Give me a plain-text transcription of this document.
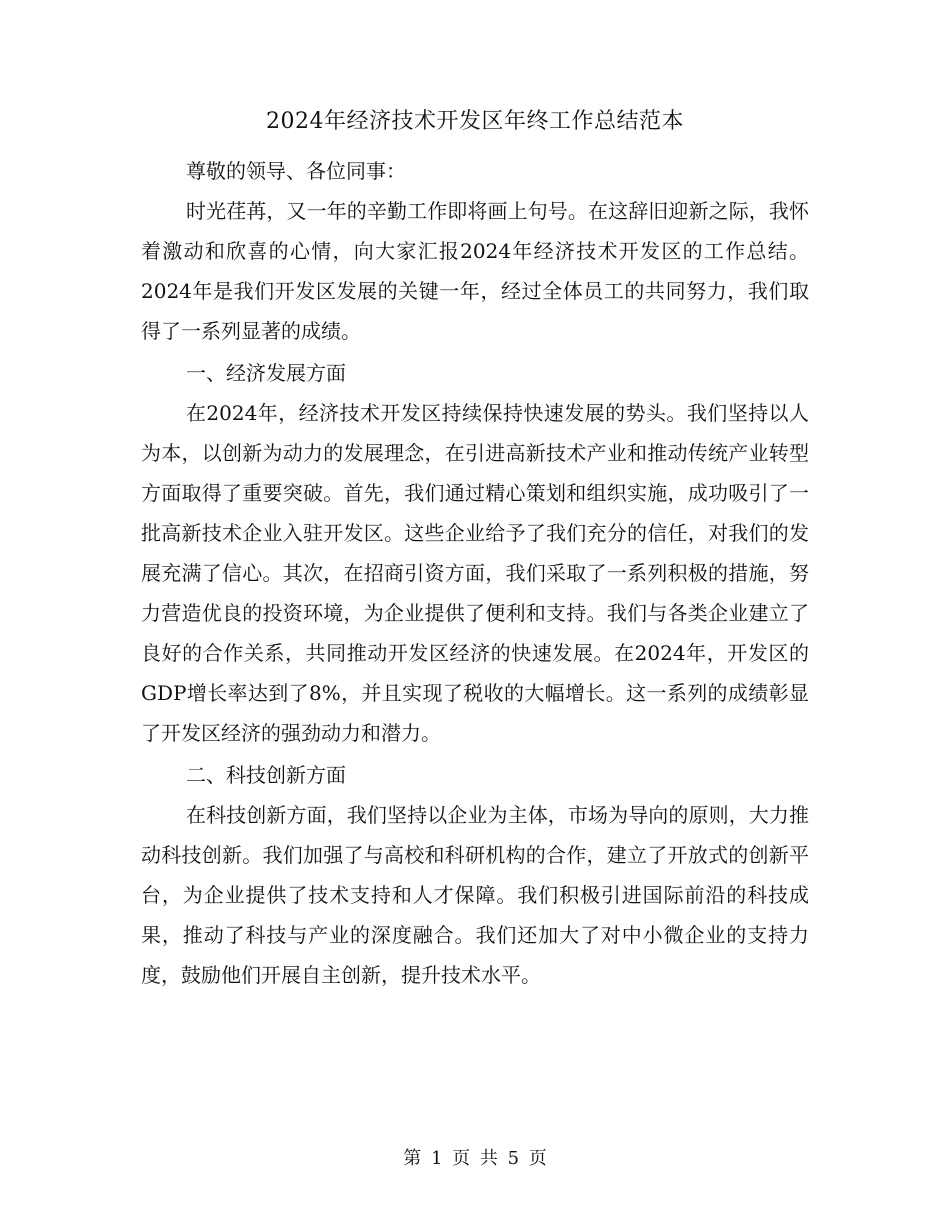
2024年经济技术开发区年终工作总结范本

尊敬的领导、各位同事：

时光荏苒，又一年的辛勤工作即将画上句号。在这辞旧迎新之际，我怀着激动和欣喜的心情，向大家汇报2024年经济技术开发区的工作总结。2024年是我们开发区发展的关键一年，经过全体员工的共同努力，我们取得了一系列显著的成绩。

一、经济发展方面

在2024年，经济技术开发区持续保持快速发展的势头。我们坚持以人为本，以创新为动力的发展理念，在引进高新技术产业和推动传统产业转型方面取得了重要突破。首先，我们通过精心策划和组织实施，成功吸引了一批高新技术企业入驻开发区。这些企业给予了我们充分的信任，对我们的发展充满了信心。其次，在招商引资方面，我们采取了一系列积极的措施，努力营造优良的投资环境，为企业提供了便利和支持。我们与各类企业建立了良好的合作关系，共同推动开发区经济的快速发展。在2024年，开发区的GDP增长率达到了8%，并且实现了税收的大幅增长。这一系列的成绩彰显了开发区经济的强劲动力和潜力。

二、科技创新方面

在科技创新方面，我们坚持以企业为主体，市场为导向的原则，大力推动科技创新。我们加强了与高校和科研机构的合作，建立了开放式的创新平台，为企业提供了技术支持和人才保障。我们积极引进国际前沿的科技成果，推动了科技与产业的深度融合。我们还加大了对中小微企业的支持力度，鼓励他们开展自主创新，提升技术水平。

第 1 页 共 5 页
